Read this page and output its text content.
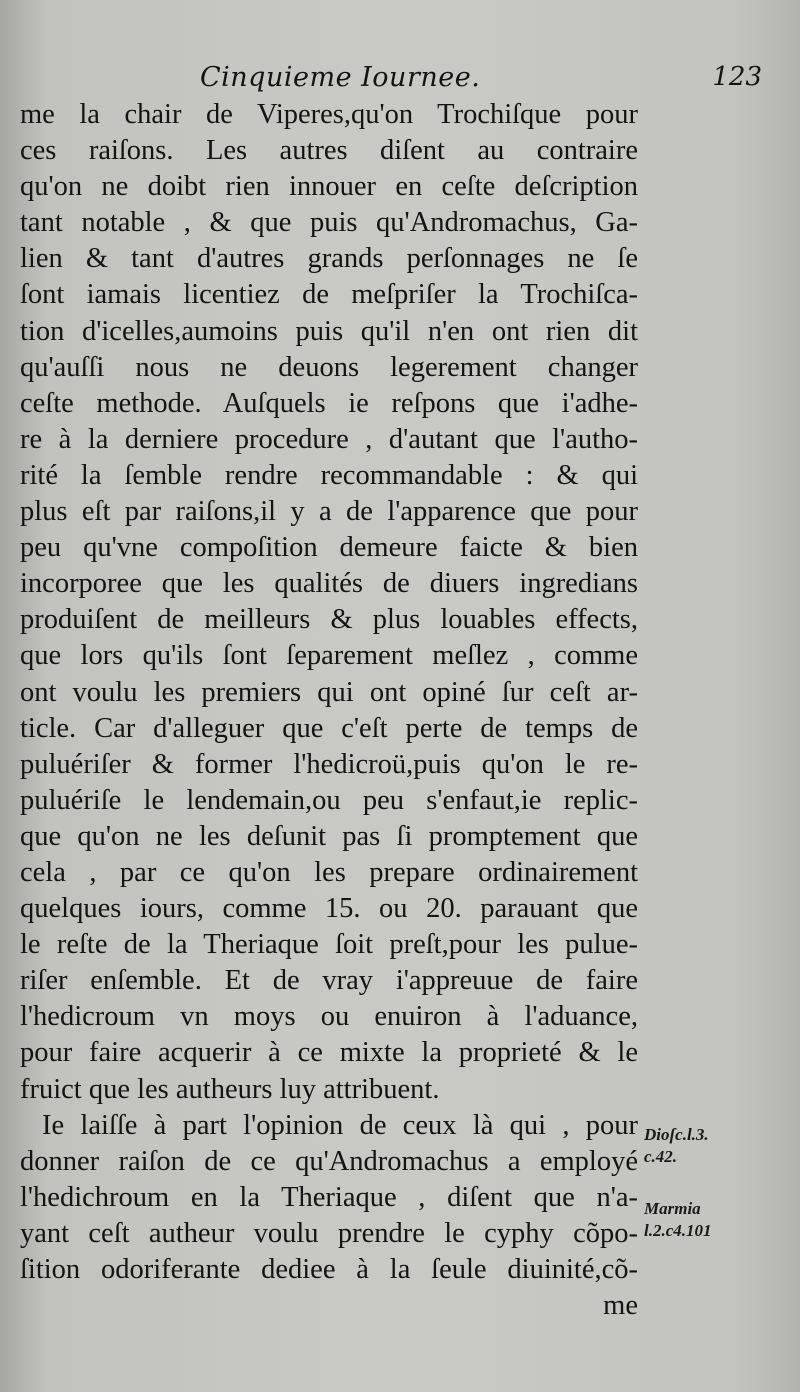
Cinquieme Iournee.	123
me la chair de Viperes,qu'on Trochiſque pour
ces raiſons. Les autres diſent au contraire
qu'on ne doibt rien innouer en ceſte deſcription
tant notable , & que puis qu'Andromachus, Ga-
lien & tant d'autres grands perſonnages ne ſe
ſont iamais licentiez de meſpriſer la Trochiſca-
tion d'icelles,aumoins puis qu'il n'en ont rien dit
qu'auſſi nous ne deuons legerement changer
ceſte methode. Auſquels ie reſpons que i'adhe-
re à la derniere procedure , d'autant que l'autho-
rité la ſemble rendre recommandable : & qui
plus eſt par raiſons,il y a de l'apparence que pour
peu qu'vne compoſition demeure faicte & bien
incorporee que les qualités de diuers ingredians
produiſent de meilleurs & plus louables effects,
que lors qu'ils ſont ſeparement meſlez , comme
ont voulu les premiers qui ont opiné ſur ceſt ar-
ticle. Car d'alleguer que c'eſt perte de temps de
puluériſer & former l'hedicroü,puis qu'on le re-
puluériſe le lendemain,ou peu s'enfaut,ie replic-
que qu'on ne les deſunit pas ſi promptement que
cela , par ce qu'on les prepare ordinairement
quelques iours, comme 15. ou 20. parauant que
le reſte de la Theriaque ſoit preſt,pour les pulue-
riſer enſemble. Et de vray i'appreuue de faire
l'hedicroum vn moys ou enuiron à l'aduance,
pour faire acquerir à ce mixte la proprieté & le
fruict que les autheurs luy attribuent.
Ie laiſſe à part l'opinion de ceux là qui , pour
donner raiſon de ce qu'Andromachus a employé
l'hedichroum en la Theriaque , diſent que n'a-
yant ceſt autheur voulu prendre le cyphy cõpo-
ſition odoriferante dediee à la ſeule diuinité,cõ-
me
Dioſc.l.3.
c.42.
Marmia
l.2.c4.101
